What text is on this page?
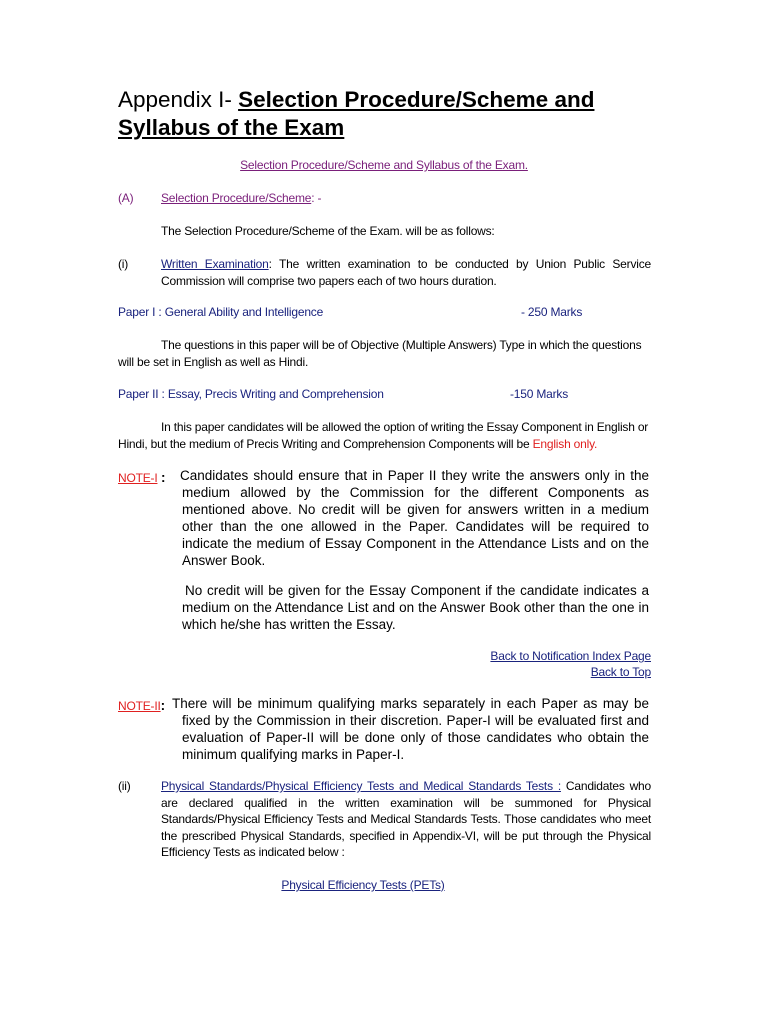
Appendix I- Selection Procedure/Scheme and Syllabus of the Exam
Selection Procedure/Scheme and Syllabus of the Exam.
(A) Selection Procedure/Scheme: -
The Selection Procedure/Scheme of the Exam. will be as follows:
(i)	Written Examination: The written examination to be conducted by Union Public Service Commission will comprise two papers each of two hours duration.
Paper I : General Ability and Intelligence	- 250 Marks
The questions in this paper will be of Objective (Multiple Answers) Type in which the questions will be set in English as well as Hindi.
Paper II : Essay, Precis Writing and Comprehension	-150 Marks
In this paper candidates will be allowed the option of writing the Essay Component in English or Hindi, but the medium of Precis Writing and Comprehension Components will be English only.
NOTE-I : Candidates should ensure that in Paper II they write the answers only in the medium allowed by the Commission for the different Components as mentioned above. No credit will be given for answers written in a medium other than the one allowed in the Paper. Candidates will be required to indicate the medium of Essay Component in the Attendance Lists and on the Answer Book.
No credit will be given for the Essay Component if the candidate indicates a medium on the Attendance List and on the Answer Book other than the one in which he/she has written the Essay.
Back to Notification Index Page
Back to Top
NOTE-II: There will be minimum qualifying marks separately in each Paper as may be fixed by the Commission in their discretion. Paper-I will be evaluated first and evaluation of Paper-II will be done only of those candidates who obtain the minimum qualifying marks in Paper-I.
(ii)	Physical Standards/Physical Efficiency Tests and Medical Standards Tests : Candidates who are declared qualified in the written examination will be summoned for Physical Standards/Physical Efficiency Tests and Medical Standards Tests. Those candidates who meet the prescribed Physical Standards, specified in Appendix-VI, will be put through the Physical Efficiency Tests as indicated below :
Physical Efficiency Tests (PETs)
